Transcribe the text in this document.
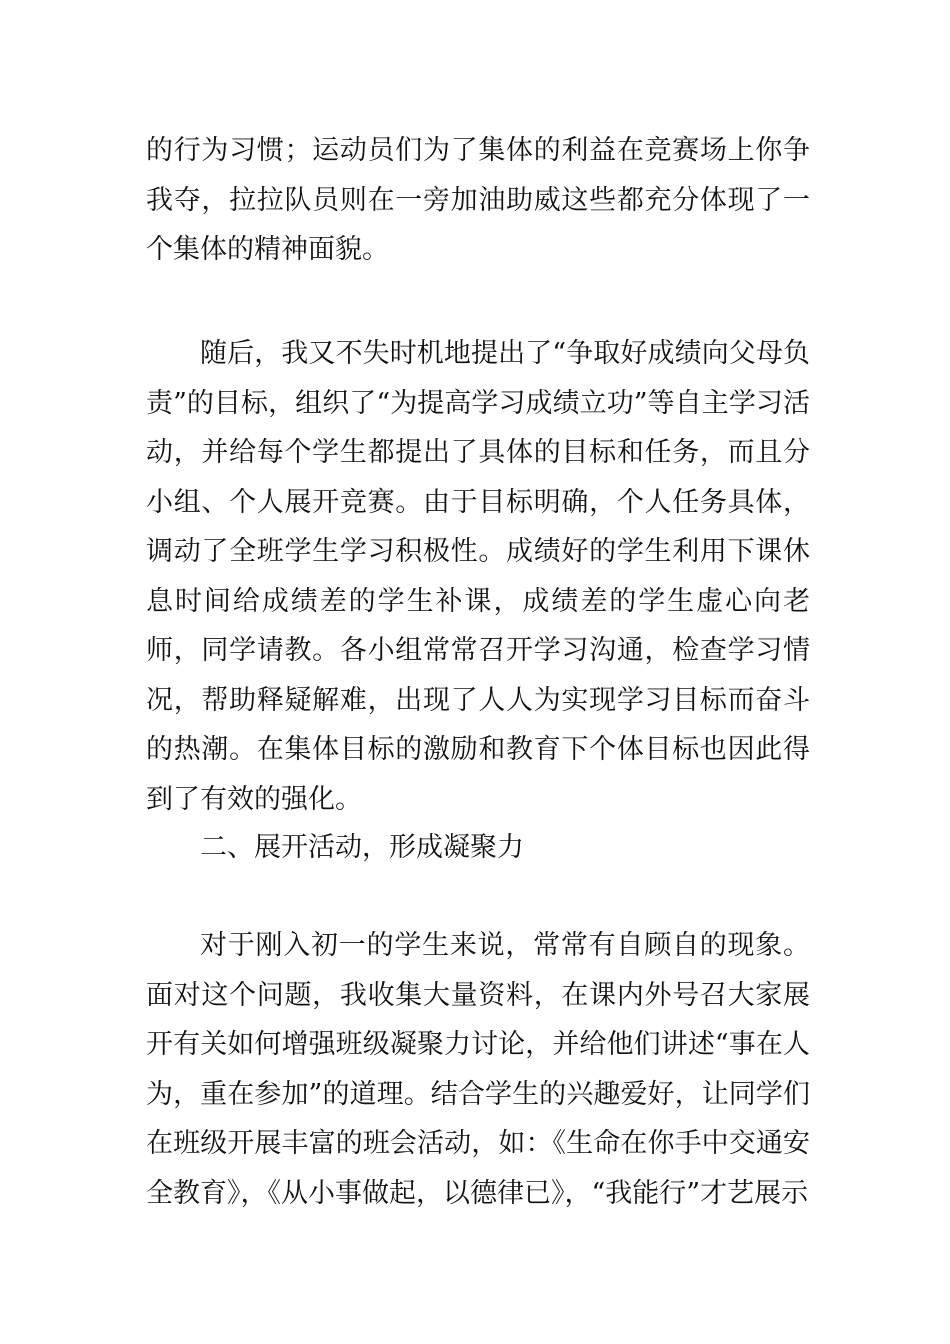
的行为习惯；运动员们为了集体的利益在竞赛场上你争我夺，拉拉队员则在一旁加油助威这些都充分体现了一个集体的精神面貌。

随后，我又不失时机地提出了“争取好成绩向父母负责”的目标，组织了“为提高学习成绩立功”等自主学习活动，并给每个学生都提出了具体的目标和任务，而且分小组、个人展开竞赛。由于目标明确，个人任务具体，调动了全班学生学习积极性。成绩好的学生利用下课休息时间给成绩差的学生补课，成绩差的学生虚心向老师，同学请教。各小组常常召开学习沟通，检查学习情况，帮助释疑解难，出现了人人为实现学习目标而奋斗的热潮。在集体目标的激励和教育下个体目标也因此得到了有效的强化。

二、展开活动，形成凝聚力

对于刚入初一的学生来说，常常有自顾自的现象。面对这个问题，我收集大量资料，在课内外号召大家展开有关如何增强班级凝聚力讨论，并给他们讲述“事在人为，重在参加”的道理。结合学生的兴趣爱好，让同学们在班级开展丰富的班会活动，如：《生命在你手中交通安全教育》，《从小事做起，以德律已》，“我能行”才艺展示
